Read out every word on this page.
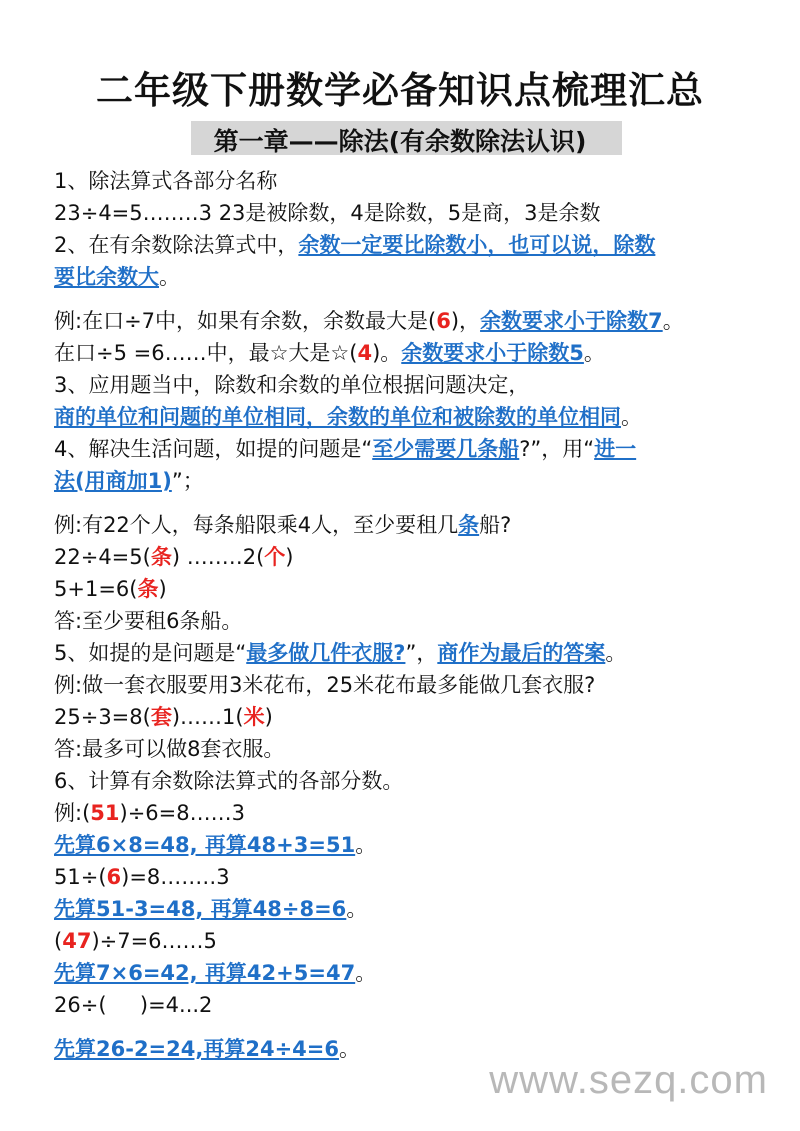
二年级下册数学必备知识点梳理汇总
第一章——除法(有余数除法认识)
1、除法算式各部分名称
23÷4=5……‥3 23是被除数，4是除数，5是商，3是余数
2、在有余数除法算式中，余数一定要比除数小，也可以说，除数
要比余数大。
例:在口÷7中，如果有余数，余数最大是(6)，余数要求小于除数7。
在口÷5 =6……中，最☆大是☆(4)。余数要求小于除数5。
3、应用题当中，除数和余数的单位根据问题决定，
商的单位和问题的单位相同，余数的单位和被除数的单位相同。
4、解决生活问题，如提的问题是“至少需要几条船?”，用“进一
法(用商加1)”；
例:有22个人，每条船限乘4人，至少要租几条船?
22÷4=5(条) ……‥2(个)
5+1=6(条)
答:至少要租6条船。
5、如提的是问题是“最多做几件衣服?”，商作为最后的答案。
例:做一套衣服要用3米花布，25米花布最多能做几套衣服?
25÷3=8(套)……1(米)
答:最多可以做8套衣服。
6、计算有余数除法算式的各部分数。
例:(51)÷6=8……3
先算6×8=48, 再算48+3=51。
51÷(6)=8……‥3
先算51-3=48, 再算48÷8=6。
(47)÷7=6……5
先算7×6=42, 再算42+5=47。
26÷(     )=4...2
先算26-2=24,再算24÷4=6。
www.sezq.com
